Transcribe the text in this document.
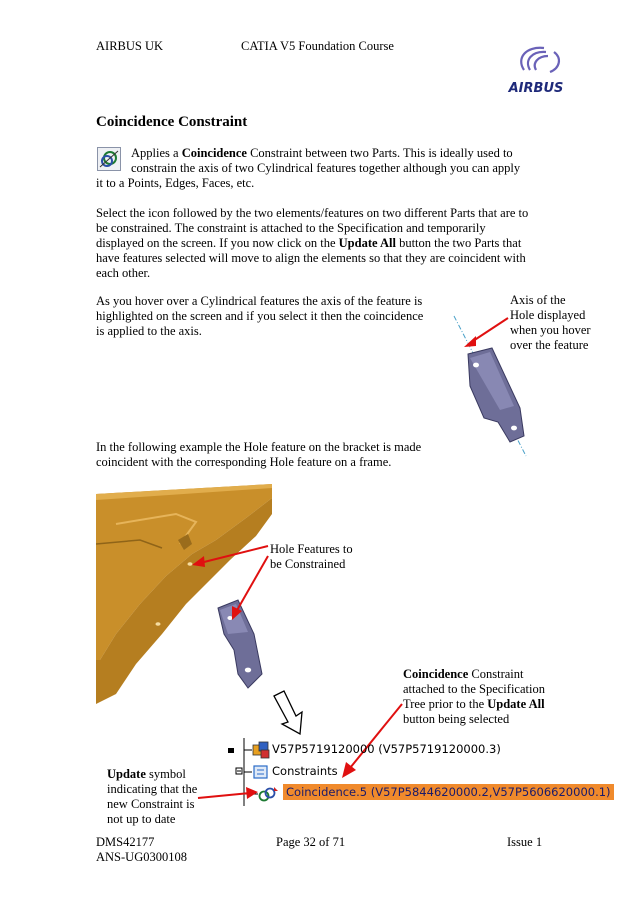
AIRBUS UK	CATIA V5 Foundation Course
AIRBUS
Coincidence Constraint
Applies a Coincidence Constraint between two Parts. This is ideally used to
constrain the axis of two Cylindrical features together although you can apply
it to a Points, Edges, Faces, etc.
Select the icon followed by the two elements/features on two different Parts that are to
be constrained. The constraint is attached to the Specification and temporarily
displayed on the screen. If you now click on the Update All button the two Parts that
have features selected will move to align the elements so that they are coincident with
each other.
As you hover over a Cylindrical features the axis of the feature is
highlighted on the screen and if you select it then the coincidence
is applied to the axis.
Axis of the
Hole displayed
when you hover
over the feature
In the following example the Hole feature on the bracket is made
coincident with the corresponding Hole feature on a frame.
Hole Features to
be Constrained
Coincidence Constraint
attached to the Specification
Tree prior to the Update All
button being selected
V57P5719120000 (V57P5719120000.3)
Constraints
Coincidence.5 (V57P5844620000.2,V57P5606620000.1)
Update symbol
indicating that the
new Constraint is
not up to date
DMS42177	Page 32 of 71	Issue 1
ANS-UG0300108
